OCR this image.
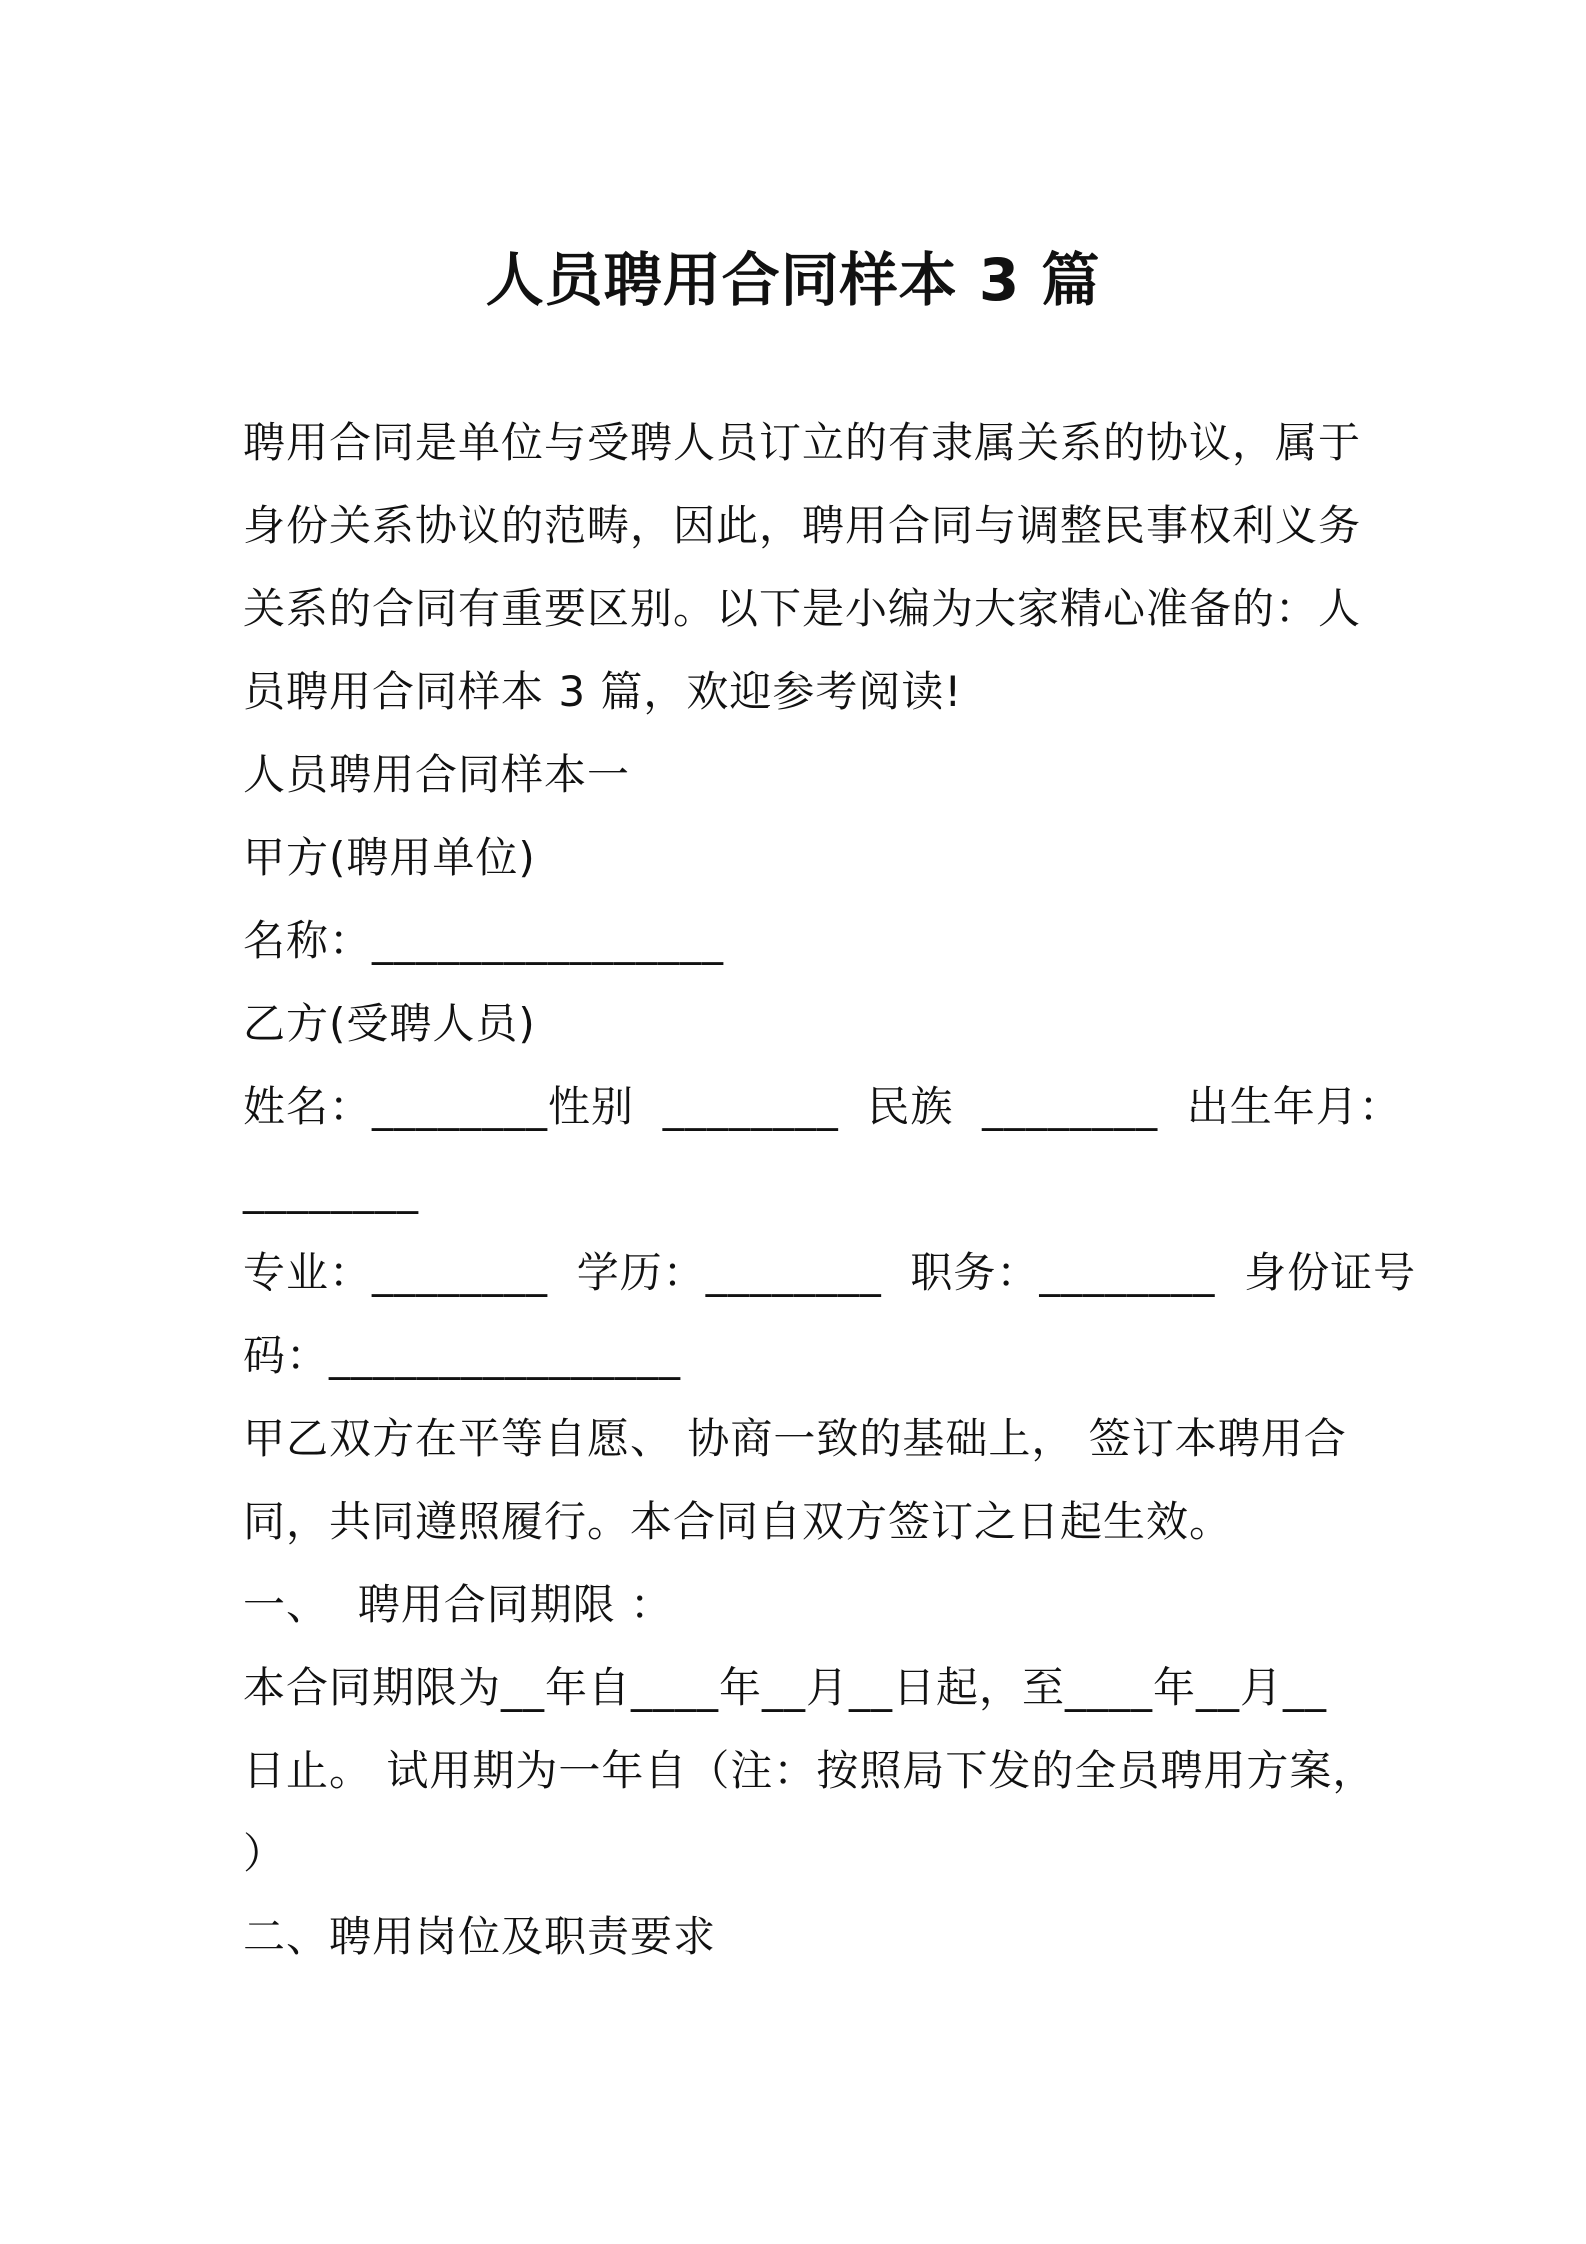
人员聘用合同样本 3 篇
聘用合同是单位与受聘人员订立的有隶属关系的协议，属于
身份关系协议的范畴，因此，聘用合同与调整民事权利义务
关系的合同有重要区别。以下是小编为大家精心准备的：人
员聘用合同样本 3 篇，欢迎参考阅读!
人员聘用合同样本一
甲方(聘用单位)
名称：________________
乙方(受聘人员)
姓名：________性别  ________  民族  ________  出生年月：
________
专业：________  学历：________  职务：________  身份证号
码：________________
甲乙双方在平等自愿、 协商一致的基础上， 签订本聘用合
同，共同遵照履行。本合同自双方签订之日起生效。
一、  聘用合同期限 ：
本合同期限为__年自____年__月__日起，至____年__月__
日止。 试用期为一年自（注：按照局下发的全员聘用方案，
）
二、聘用岗位及职责要求
